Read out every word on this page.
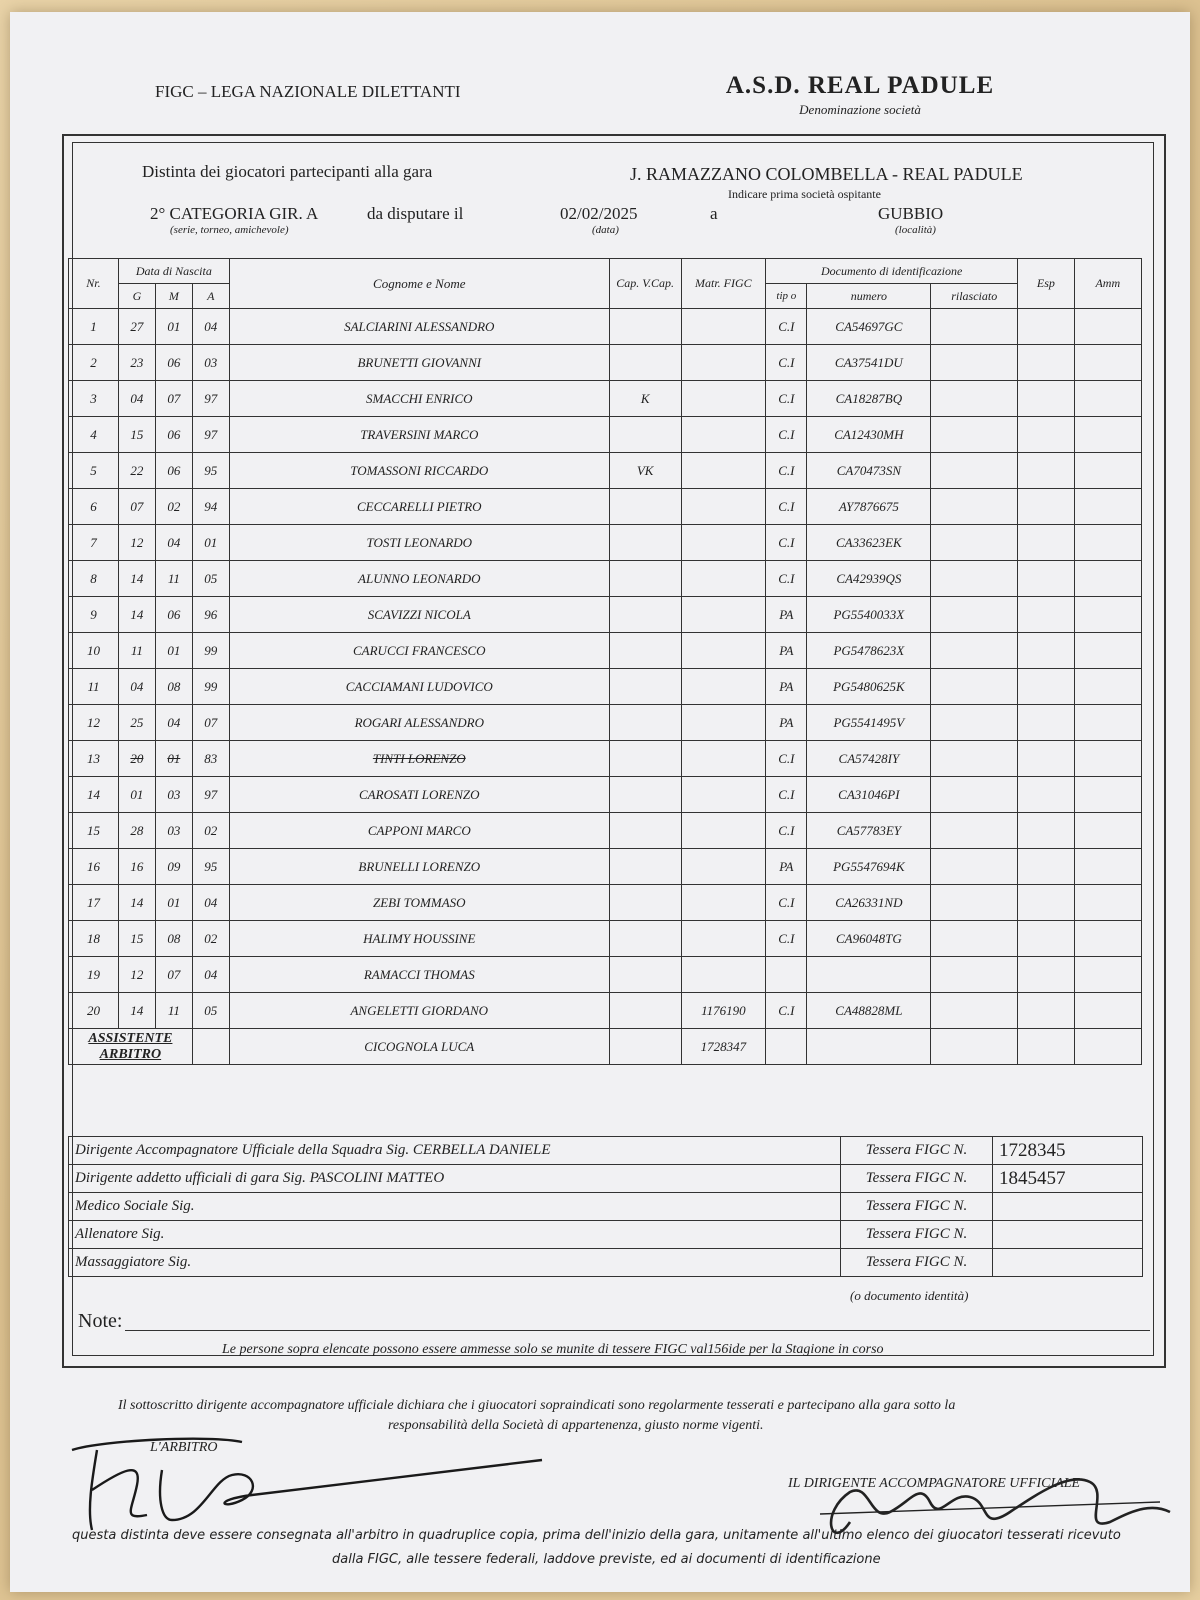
FIGC – LEGA NAZIONALE DILETTANTI	A.S.D. REAL PADULE
Denominazione società
Distinta dei giocatori partecipanti alla gara	J. RAMAZZANO COLOMBELLA - REAL PADULE
Indicare prima società ospitante
2° CATEGORIA GIR. A	da disputare il	02/02/2025	a	GUBBIO
(serie, torneo, amichevole)	(data)	(località)
Nr.	Data di Nascita			Cognome e Nome	Cap. V.Cap.	Matr. FIGC	Documento di identificazione			Esp	Amm
	G	M	A				tip o	numero	rilasciato		
1	27	01	04	SALCIARINI ALESSANDRO			C.I	CA54697GC			
2	23	06	03	BRUNETTI GIOVANNI			C.I	CA37541DU			
3	04	07	97	SMACCHI ENRICO	K		C.I	CA18287BQ			
4	15	06	97	TRAVERSINI MARCO			C.I	CA12430MH			
5	22	06	95	TOMASSONI RICCARDO	VK		C.I	CA70473SN			
6	07	02	94	CECCARELLI PIETRO			C.I	AY7876675			
7	12	04	01	TOSTI LEONARDO			C.I	CA33623EK			
8	14	11	05	ALUNNO LEONARDO			C.I	CA42939QS			
9	14	06	96	SCAVIZZI NICOLA			PA	PG5540033X			
10	11	01	99	CARUCCI FRANCESCO			PA	PG5478623X			
11	04	08	99	CACCIAMANI LUDOVICO			PA	PG5480625K			
12	25	04	07	ROGARI ALESSANDRO			PA	PG5541495V			
13	20	01	83	TINTI LORENZO			C.I	CA57428IY			
14	01	03	97	CAROSATI LORENZO			C.I	CA31046PI			
15	28	03	02	CAPPONI MARCO			C.I	CA57783EY			
16	16	09	95	BRUNELLI LORENZO			PA	PG5547694K			
17	14	01	04	ZEBI TOMMASO			C.I	CA26331ND			
18	15	08	02	HALIMY HOUSSINE			C.I	CA96048TG			
19	12	07	04	RAMACCI THOMAS							
20	14	11	05	ANGELETTI GIORDANO		1176190	C.I	CA48828ML			
ASSISTENTE ARBITRO				CICOGNOLA LUCA		1728347					
Dirigente Accompagnatore Ufficiale della Squadra Sig. CERBELLA DANIELE	Tessera FIGC N.	1728345
Dirigente addetto ufficiali di gara Sig. PASCOLINI MATTEO	Tessera FIGC N.	1845457
Medico Sociale Sig.	Tessera FIGC N.	
Allenatore Sig.	Tessera FIGC N.	
Massaggiatore Sig.	Tessera FIGC N.	
(o documento identità)
Note:
Le persone sopra elencate possono essere ammesse solo se munite di tessere FIGC val156ide per la Stagione in corso
Il sottoscritto dirigente accompagnatore ufficiale dichiara che i giuocatori sopraindicati sono regolarmente tesserati e partecipano alla gara sotto la
responsabilità della Società di appartenenza, giusto norme vigenti.
L'ARBITRO
IL DIRIGENTE ACCOMPAGNATORE UFFICIALE
questa distinta deve essere consegnata all'arbitro in quadruplice copia, prima dell'inizio della gara, unitamente all'ultimo elenco dei giuocatori tesserati ricevuto
dalla FIGC, alle tessere federali, laddove previste, ed ai documenti di identificazione
